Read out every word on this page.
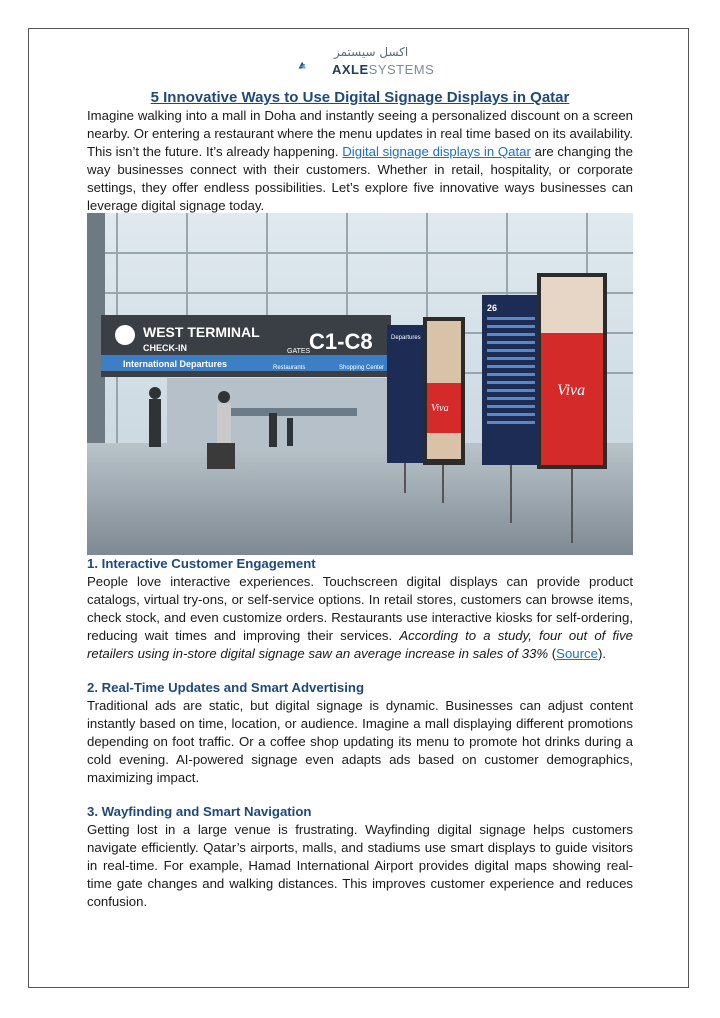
اكسل سيستمز
AXLESYSTEMS
5 Innovative Ways to Use Digital Signage Displays in Qatar

Imagine walking into a mall in Doha and instantly seeing a personalized discount on a screen nearby. Or entering a restaurant where the menu updates in real time based on its availability. This isn’t the future. It’s already happening. Digital signage displays in Qatar are changing the way businesses connect with their customers. Whether in retail, hospitality, or corporate settings, they offer endless possibilities. Let’s explore five innovative ways businesses can leverage digital signage today.

WEST TERMINAL
CHECK-IN	GATES
C1-C8
International Departures	Restaurants	Shopping Center
Departures
Viva
26
Viva
1. Interactive Customer Engagement

People love interactive experiences. Touchscreen digital displays can provide product catalogs, virtual try-ons, or self-service options. In retail stores, customers can browse items, check stock, and even customize orders. Restaurants use interactive kiosks for self-ordering, reducing wait times and improving their services. According to a study, four out of five retailers using in-store digital signage saw an average increase in sales of 33% (Source).

2. Real-Time Updates and Smart Advertising

Traditional ads are static, but digital signage is dynamic. Businesses can adjust content instantly based on time, location, or audience. Imagine a mall displaying different promotions depending on foot traffic. Or a coffee shop updating its menu to promote hot drinks during a cold evening. AI-powered signage even adapts ads based on customer demographics, maximizing impact.

3. Wayfinding and Smart Navigation

Getting lost in a large venue is frustrating. Wayfinding digital signage helps customers navigate efficiently. Qatar’s airports, malls, and stadiums use smart displays to guide visitors in real-time. For example, Hamad International Airport provides digital maps showing real-time gate changes and walking distances. This improves customer experience and reduces confusion.
